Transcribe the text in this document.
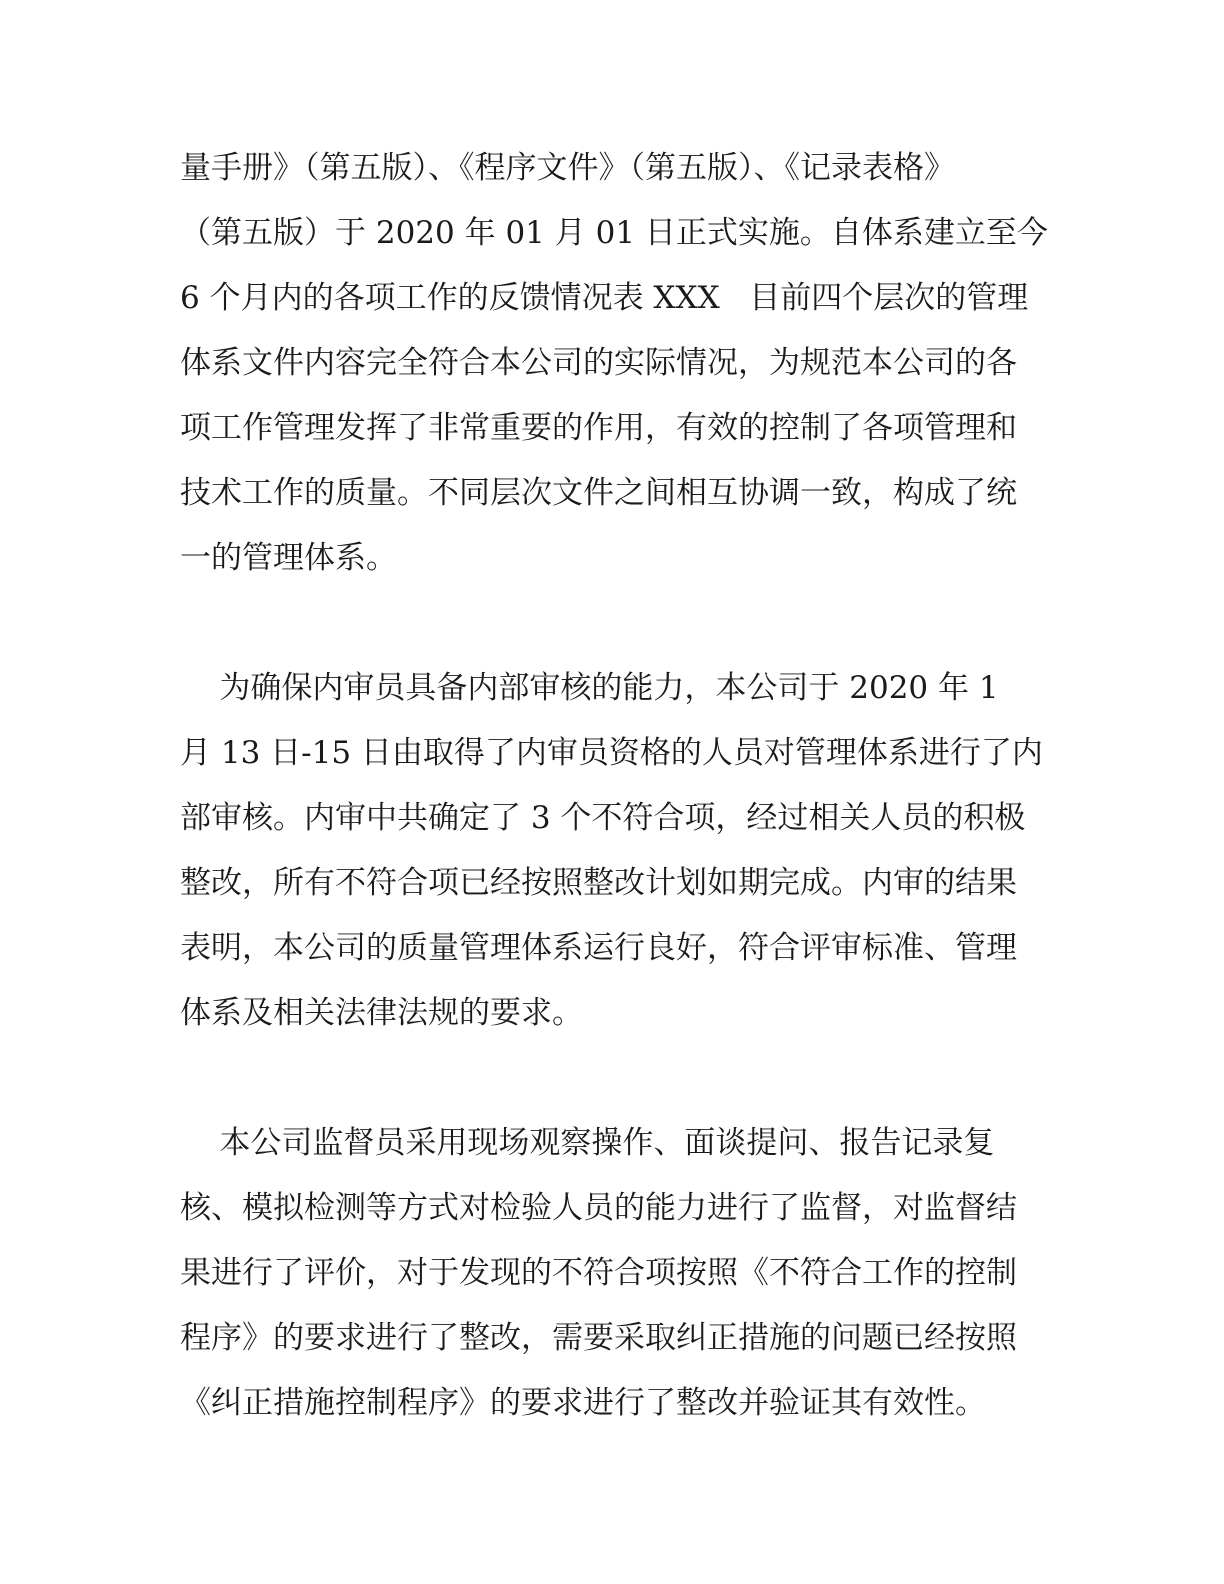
量手册》（第五版）、《程序文件》（第五版）、《记录表格》
（第五版）于 2020 年 01 月 01 日正式实施。自体系建立至今
6 个月内的各项工作的反馈情况表 XXX   目前四个层次的管理
体系文件内容完全符合本公司的实际情况，为规范本公司的各
项工作管理发挥了非常重要的作用，有效的控制了各项管理和
技术工作的质量。不同层次文件之间相互协调一致，构成了统
一的管理体系。
为确保内审员具备内部审核的能力，本公司于 2020 年 1
月 13 日-15 日由取得了内审员资格的人员对管理体系进行了内
部审核。内审中共确定了 3 个不符合项，经过相关人员的积极
整改，所有不符合项已经按照整改计划如期完成。内审的结果
表明，本公司的质量管理体系运行良好，符合评审标准、管理
体系及相关法律法规的要求。
本公司监督员采用现场观察操作、面谈提问、报告记录复
核、模拟检测等方式对检验人员的能力进行了监督，对监督结
果进行了评价，对于发现的不符合项按照《不符合工作的控制
程序》的要求进行了整改，需要采取纠正措施的问题已经按照
《纠正措施控制程序》的要求进行了整改并验证其有效性。
